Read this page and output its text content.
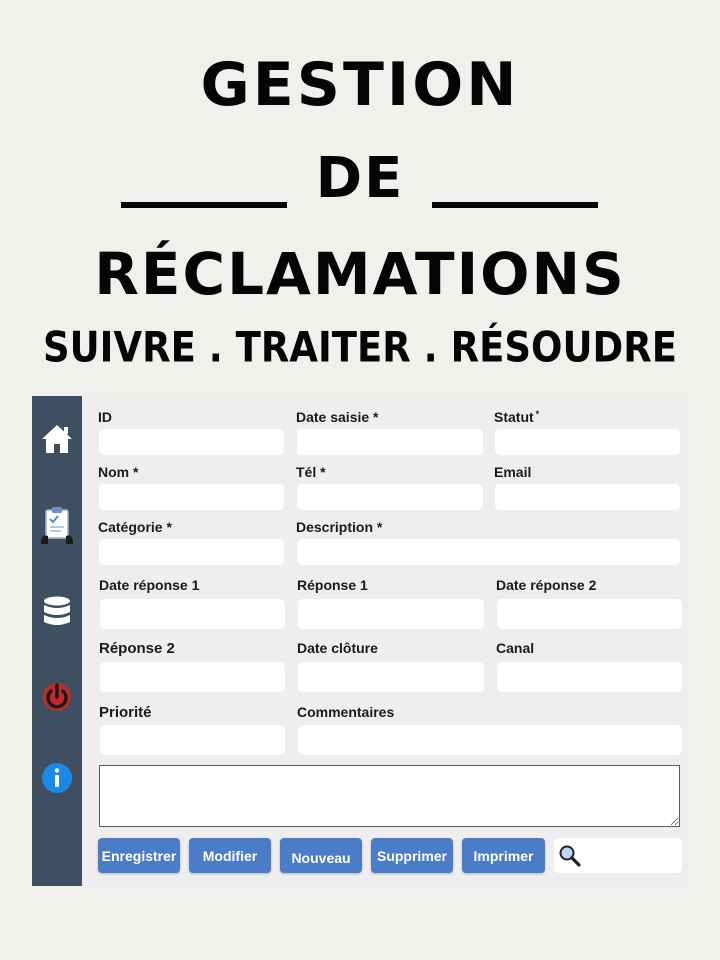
GESTION
DE
RÉCLAMATIONS
SUIVRE . TRAITER . RÉSOUDRE
ID	Date saisie *	Statut *
Nom *	Tél *	Email
Catégorie *	Description *
Date réponse 1	Réponse 1	Date réponse 2
Réponse 2	Date clôture	Canal
Priorité	Commentaires
Enregistrer	Modifier	Nouveau	Supprimer	Imprimer
